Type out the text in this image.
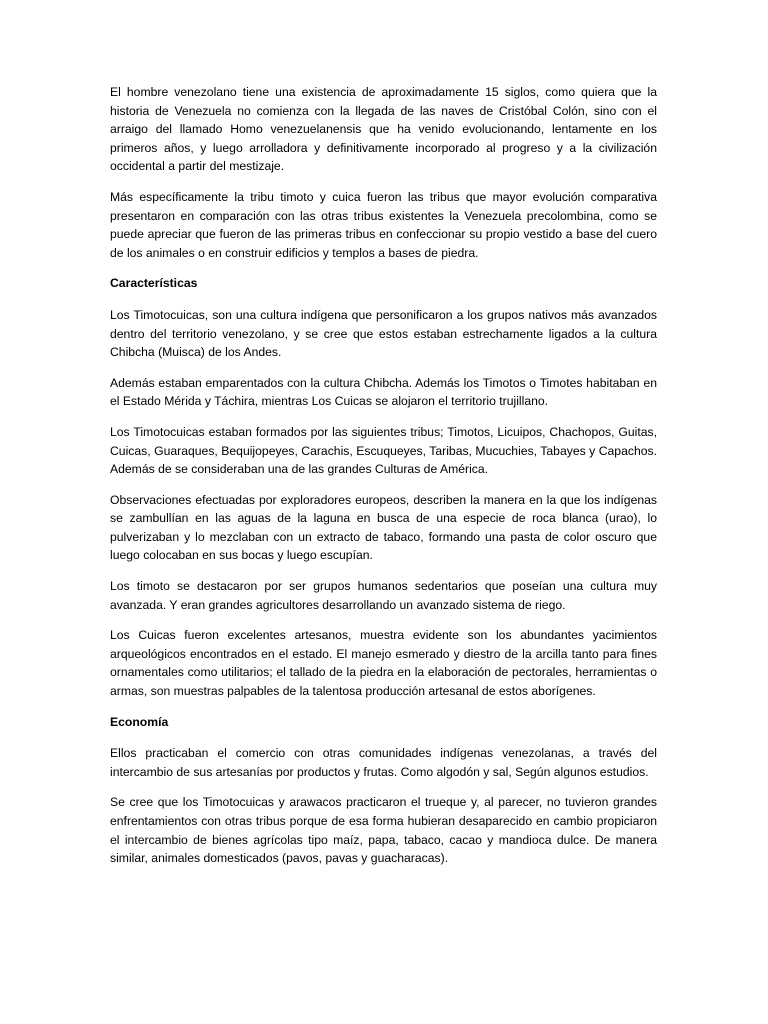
El hombre venezolano tiene una existencia de aproximadamente 15 siglos, como quiera que la historia de Venezuela no comienza con la llegada de las naves de Cristóbal Colón, sino con el arraigo del llamado Homo venezuelanensis que ha venido evolucionando, lentamente en los primeros años, y luego arrolladora y definitivamente incorporado al progreso y a la civilización occidental a partir del mestizaje.

Más específicamente la tribu timoto y cuica fueron las tribus que mayor evolución comparativa presentaron en comparación con las otras tribus existentes la Venezuela precolombina, como se puede apreciar que fueron de las primeras tribus en confeccionar su propio vestido a base del cuero de los animales o en construir edificios y templos a bases de piedra.

Características

Los Timotocuicas, son una cultura indígena que personificaron a los grupos nativos más avanzados dentro del territorio venezolano, y se cree que estos estaban estrechamente ligados a la cultura Chibcha (Muisca) de los Andes.

Además estaban emparentados con la cultura Chibcha. Además los Timotos o Timotes habitaban en el Estado Mérida y Táchira, mientras Los Cuicas se alojaron el territorio trujillano.

Los Timotocuicas estaban formados por las siguientes tribus; Timotos, Licuipos, Chachopos, Guitas, Cuicas, Guaraques, Bequijopeyes, Carachis, Escuqueyes, Taribas, Mucuchies, Tabayes y Capachos. Además de se consideraban una de las grandes Culturas de América.

Observaciones efectuadas por exploradores europeos, describen la manera en la que los indígenas se zambullían en las aguas de la laguna en busca de una especie de roca blanca (urao), lo pulverizaban y lo mezclaban con un extracto de tabaco, formando una pasta de color oscuro que luego colocaban en sus bocas y luego escupían.

Los timoto se destacaron por ser grupos humanos sedentarios que poseían una cultura muy avanzada. Y eran grandes agricultores desarrollando un avanzado sistema de riego.

Los Cuicas fueron excelentes artesanos, muestra evidente son los abundantes yacimientos arqueológicos encontrados en el estado. El manejo esmerado y diestro de la arcilla tanto para fines ornamentales como utilitarios; el tallado de la piedra en la elaboración de pectorales, herramientas o armas, son muestras palpables de la talentosa producción artesanal de estos aborígenes.

Economía

Ellos practicaban el comercio con otras comunidades indígenas venezolanas, a través del intercambio de sus artesanías por productos y frutas. Como algodón y sal, Según algunos estudios.

Se cree que los Timotocuicas y arawacos practicaron el trueque y, al parecer, no tuvieron grandes enfrentamientos con otras tribus porque de esa forma hubieran desaparecido en cambio propiciaron el intercambio de bienes agrícolas tipo maíz, papa, tabaco, cacao y mandioca dulce. De manera similar, animales domesticados (pavos, pavas y guacharacas).
